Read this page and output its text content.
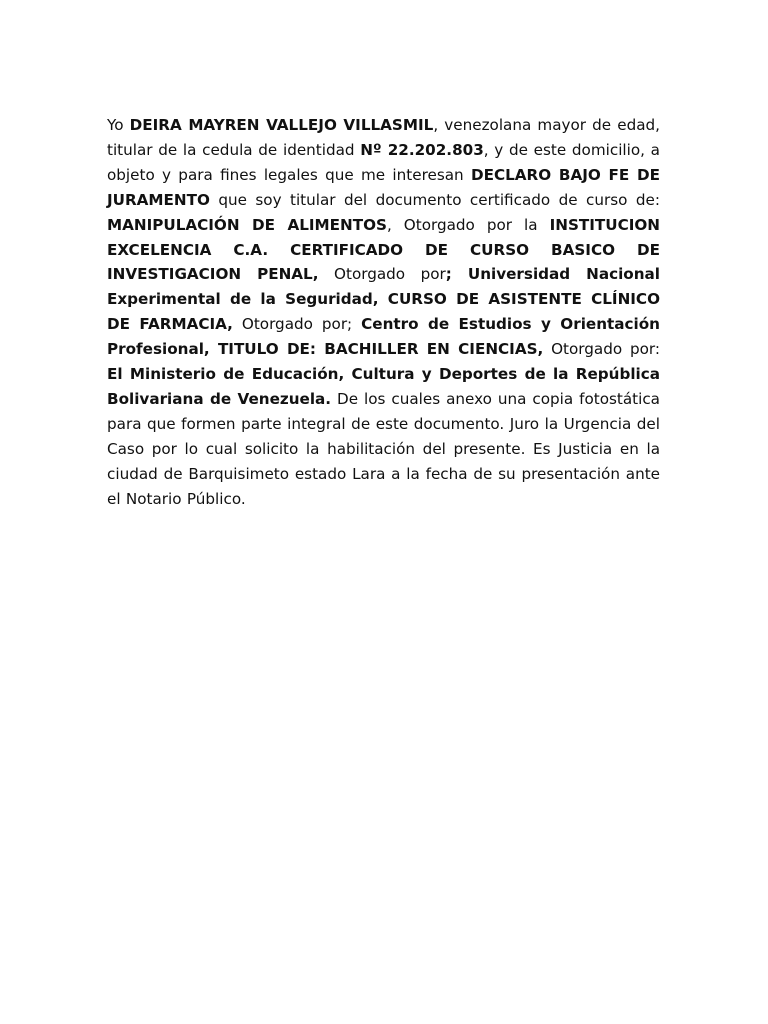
Yo DEIRA MAYREN VALLEJO VILLASMIL, venezolana mayor de edad, titular de la cedula de identidad Nº 22.202.803, y de este domicilio, a objeto y para fines legales que me interesan DECLARO BAJO FE DE JURAMENTO que soy titular del documento certificado de curso de: MANIPULACIÓN DE ALIMENTOS, Otorgado por la INSTITUCION EXCELENCIA C.A. CERTIFICADO DE CURSO BASICO DE INVESTIGACION PENAL, Otorgado por; Universidad Nacional Experimental de la Seguridad, CURSO DE ASISTENTE CLÍNICO DE FARMACIA, Otorgado por; Centro de Estudios y Orientación Profesional, TITULO DE: BACHILLER EN CIENCIAS, Otorgado por: El Ministerio de Educación, Cultura y Deportes de la República Bolivariana de Venezuela. De los cuales anexo una copia fotostática para que formen parte integral de este documento. Juro la Urgencia del Caso por lo cual solicito la habilitación del presente. Es Justicia en la ciudad de Barquisimeto estado Lara a la fecha de su presentación ante el Notario Público.
